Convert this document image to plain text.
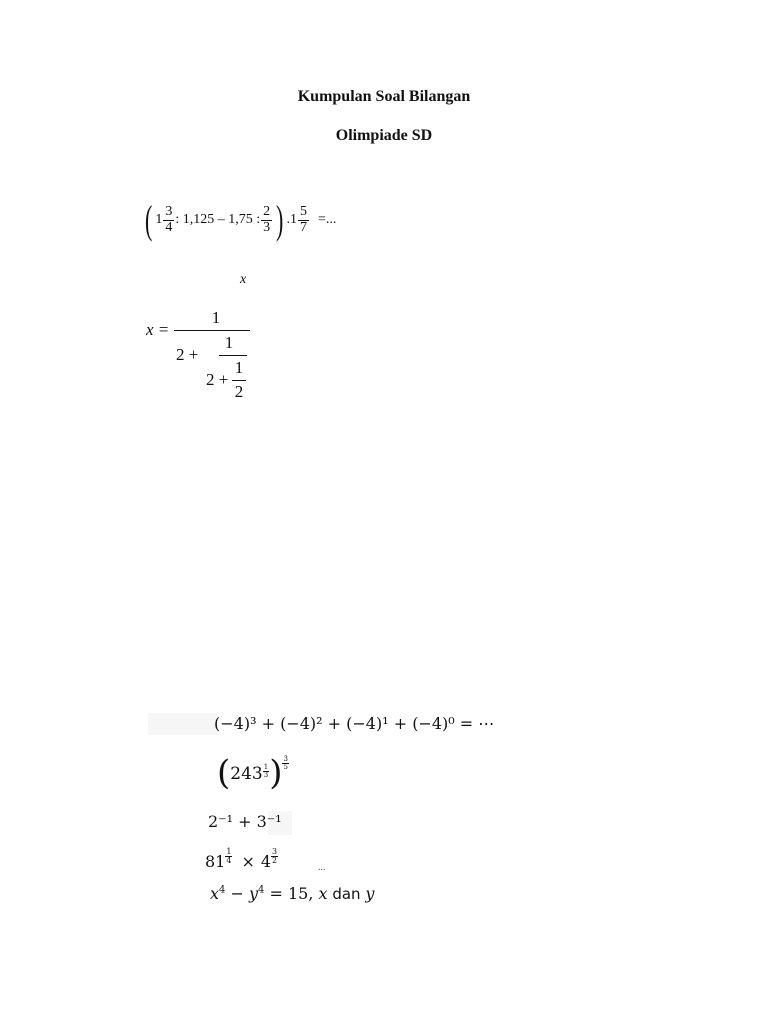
Kumpulan Soal Bilangan
Olimpiade SD
( $1 \frac{3}{4}$ : 1,125 – 1,75 : $\frac{2}{3}$ ) $.1 \frac{5}{7}$ =...
x
x =
1
2 +
1
2 +
1
2
(−4)³ + (−4)² + (−4)¹ + (−4)⁰ = ⋯
( $243 \frac{1}{3}$ ) $\frac{3}{5}$
2⁻¹ + 3⁻¹
$81 \frac{1}{4} \times 4 \frac{3}{2}$
...
$x^4 - y^4 = 15$, x dan y
